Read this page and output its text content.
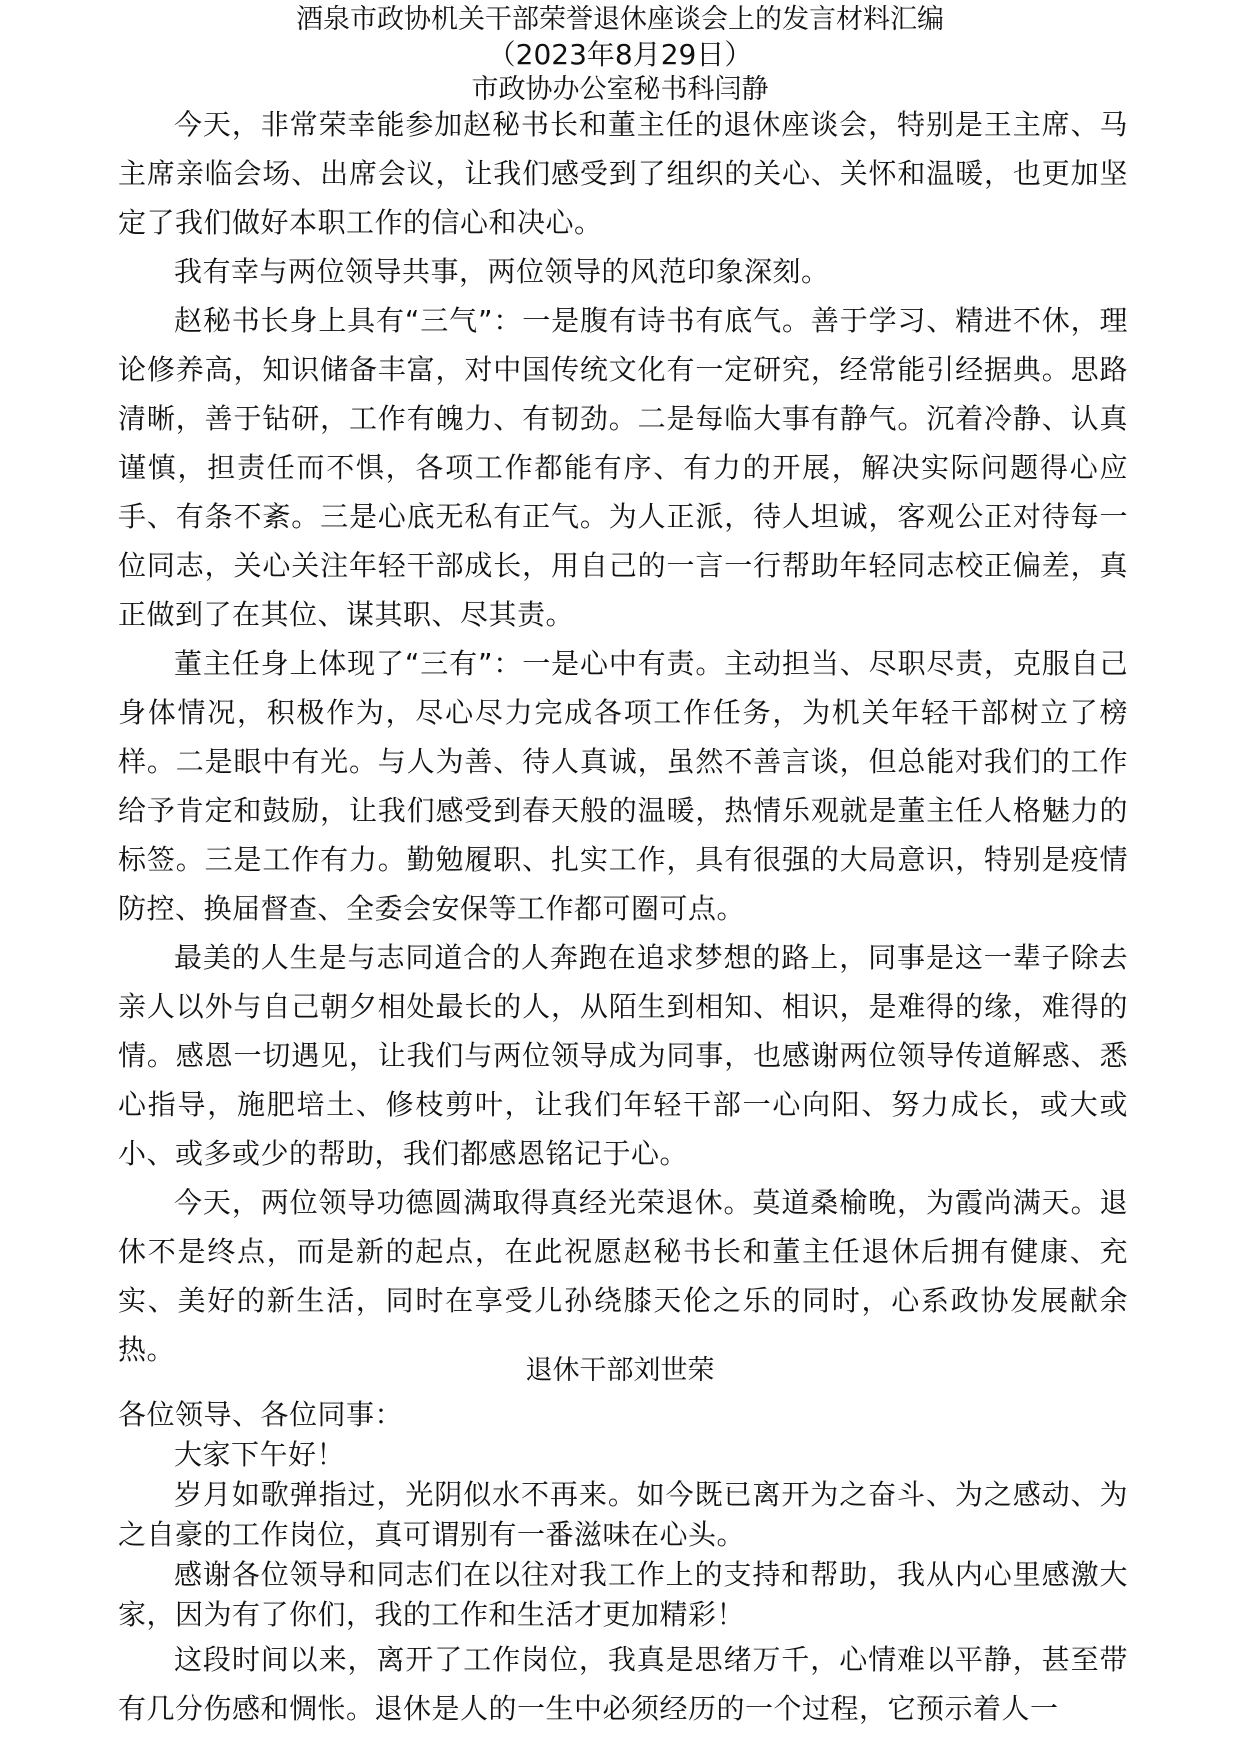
酒泉市政协机关干部荣誉退休座谈会上的发言材料汇编
（2023年8月29日）
市政协办公室秘书科闫静

今天，非常荣幸能参加赵秘书长和董主任的退休座谈会，特别是王主席、马主席亲临会场、出席会议，让我们感受到了组织的关心、关怀和温暖，也更加坚定了我们做好本职工作的信心和决心。

我有幸与两位领导共事，两位领导的风范印象深刻。

赵秘书长身上具有“三气”：一是腹有诗书有底气。善于学习、精进不休，理论修养高，知识储备丰富，对中国传统文化有一定研究，经常能引经据典。思路清晰，善于钻研，工作有魄力、有韧劲。二是每临大事有静气。沉着冷静、认真谨慎，担责任而不惧，各项工作都能有序、有力的开展，解决实际问题得心应手、有条不紊。三是心底无私有正气。为人正派，待人坦诚，客观公正对待每一位同志，关心关注年轻干部成长，用自己的一言一行帮助年轻同志校正偏差，真正做到了在其位、谋其职、尽其责。

董主任身上体现了“三有”：一是心中有责。主动担当、尽职尽责，克服自己身体情况，积极作为，尽心尽力完成各项工作任务，为机关年轻干部树立了榜样。二是眼中有光。与人为善、待人真诚，虽然不善言谈，但总能对我们的工作给予肯定和鼓励，让我们感受到春天般的温暖，热情乐观就是董主任人格魅力的标签。三是工作有力。勤勉履职、扎实工作，具有很强的大局意识，特别是疫情防控、换届督查、全委会安保等工作都可圈可点。

最美的人生是与志同道合的人奔跑在追求梦想的路上，同事是这一辈子除去亲人以外与自己朝夕相处最长的人，从陌生到相知、相识，是难得的缘，难得的情。感恩一切遇见，让我们与两位领导成为同事，也感谢两位领导传道解惑、悉心指导，施肥培土、修枝剪叶，让我们年轻干部一心向阳、努力成长，或大或小、或多或少的帮助，我们都感恩铭记于心。

今天，两位领导功德圆满取得真经光荣退休。莫道桑榆晚，为霞尚满天。退休不是终点，而是新的起点，在此祝愿赵秘书长和董主任退休后拥有健康、充实、美好的新生活，同时在享受儿孙绕膝天伦之乐的同时，心系政协发展献余热。

退休干部刘世荣

各位领导、各位同事：

大家下午好！

岁月如歌弹指过，光阴似水不再来。如今既已离开为之奋斗、为之感动、为之自豪的工作岗位，真可谓别有一番滋味在心头。

感谢各位领导和同志们在以往对我工作上的支持和帮助，我从内心里感激大家，因为有了你们，我的工作和生活才更加精彩！

这段时间以来，离开了工作岗位，我真是思绪万千，心情难以平静，甚至带有几分伤感和惆怅。退休是人的一生中必须经历的一个过程，它预示着人一
